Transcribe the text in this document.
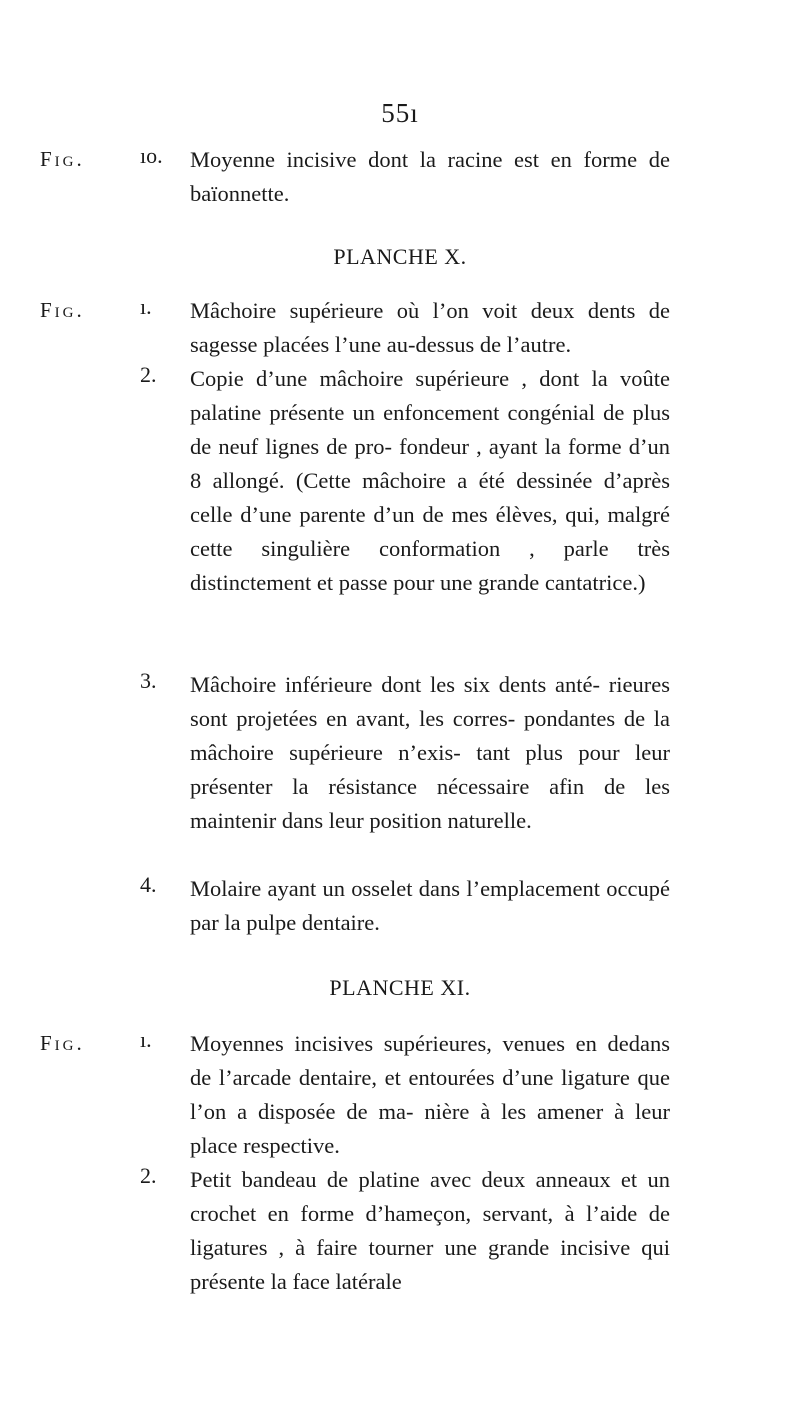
55ı
Fig.	ıo. Moyenne incisive dont la racine est en forme de baïonnette.
PLANCHE X.
Fig.	ı.	Mâchoire supérieure où l’on voit deux dents de sagesse placées l’une au-dessus de l’autre.
2.	Copie d’une mâchoire supérieure , dont la voûte palatine présente un enfoncement congénial de plus de neuf lignes de pro- fondeur , ayant la forme d’un 8 allongé. (Cette mâchoire a été dessinée d’après celle d’une parente d’un de mes élèves, qui, malgré cette singulière conformation , parle très distinctement et passe pour une grande cantatrice.)
3.	Mâchoire inférieure dont les six dents anté- rieures sont projetées en avant, les corres- pondantes de la mâchoire supérieure n’exis- tant plus pour leur présenter la résistance nécessaire afin de les maintenir dans leur position naturelle.
4.	Molaire ayant un osselet dans l’emplacement occupé par la pulpe dentaire.
PLANCHE XI.
Fig.	ı.	Moyennes incisives supérieures, venues en dedans de l’arcade dentaire, et entourées d’une ligature que l’on a disposée de ma- nière à les amener à leur place respective.
2.	Petit bandeau de platine avec deux anneaux et un crochet en forme d’hameçon, servant, à l’aide de ligatures , à faire tourner une grande incisive qui présente la face latérale
